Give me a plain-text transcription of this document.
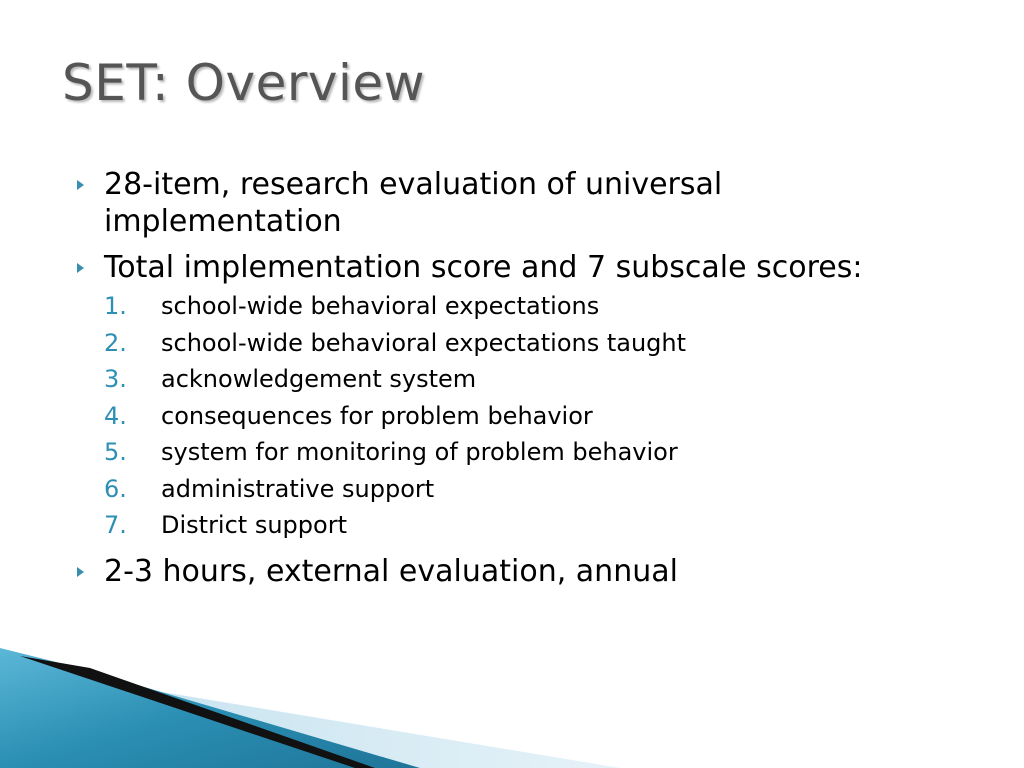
SET: Overview
28-item, research evaluation of universal implementation
Total implementation score and 7 subscale scores:
1. school-wide behavioral expectations
2. school-wide behavioral expectations taught
3. acknowledgement system
4. consequences for problem behavior
5. system for monitoring of problem behavior
6. administrative support
7. District support
2-3 hours, external evaluation, annual
